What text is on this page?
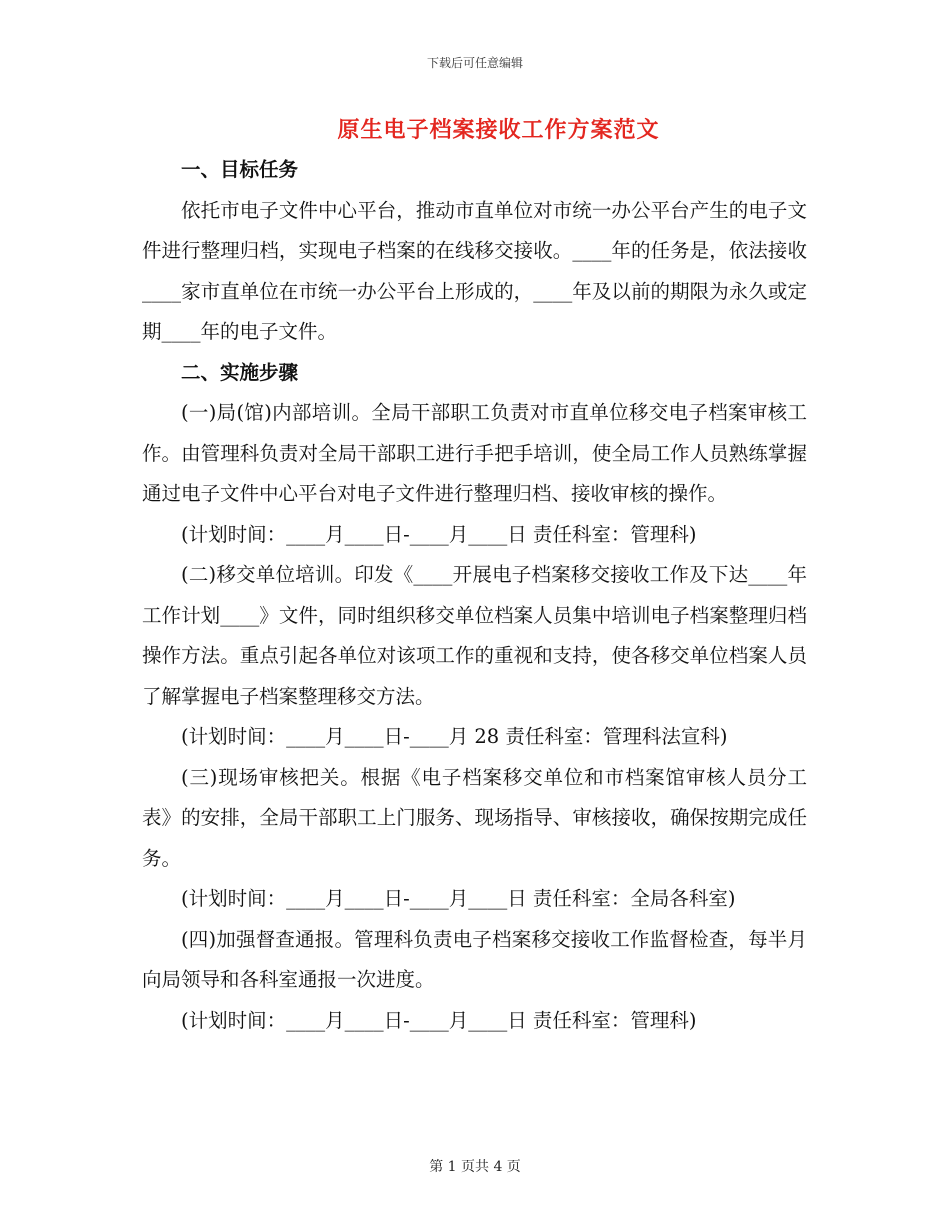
下载后可任意编辑
原生电子档案接收工作方案范文
一、目标任务

依托市电子文件中心平台，推动市直单位对市统一办公平台产生的电子文件进行整理归档，实现电子档案的在线移交接收。____年的任务是，依法接收____家市直单位在市统一办公平台上形成的，____年及以前的期限为永久或定期____年的电子文件。

二、实施步骤

(一)局(馆)内部培训。全局干部职工负责对市直单位移交电子档案审核工作。由管理科负责对全局干部职工进行手把手培训，使全局工作人员熟练掌握通过电子文件中心平台对电子文件进行整理归档、接收审核的操作。

(计划时间：____月____日-____月____日 责任科室：管理科)

(二)移交单位培训。印发《____开展电子档案移交接收工作及下达____年工作计划____》文件，同时组织移交单位档案人员集中培训电子档案整理归档操作方法。重点引起各单位对该项工作的重视和支持，使各移交单位档案人员了解掌握电子档案整理移交方法。

(计划时间：____月____日-____月 28 责任科室：管理科法宣科)

(三)现场审核把关。根据《电子档案移交单位和市档案馆审核人员分工表》的安排，全局干部职工上门服务、现场指导、审核接收，确保按期完成任务。

(计划时间：____月____日-____月____日 责任科室：全局各科室)

(四)加强督查通报。管理科负责电子档案移交接收工作监督检查，每半月向局领导和各科室通报一次进度。

(计划时间：____月____日-____月____日 责任科室：管理科)

第 1 页共 4 页
